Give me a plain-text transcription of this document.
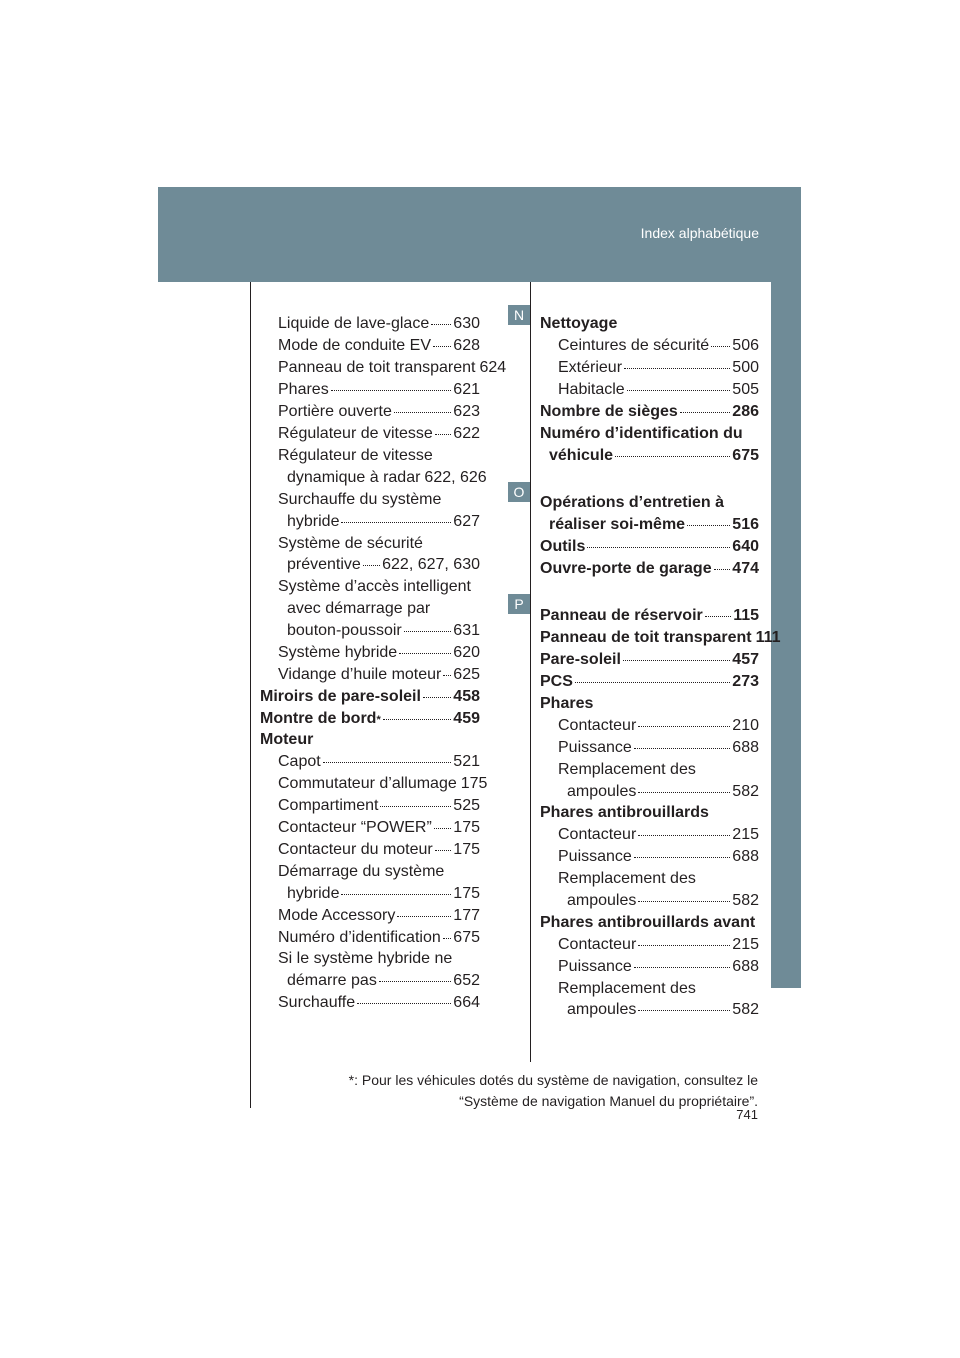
Index alphabétique
Liquide de lave-glace 630
Mode de conduite EV 628
Panneau de toit transparent 624
Phares	621
Portière ouverte	623
Régulateur de vitesse 622
Régulateur de vitesse
dynamique à radar 622, 626
Surchauffe du système
hybride	627
Système de sécurité
préventive 622, 627, 630
Système d’accès intelligent
avec démarrage par
bouton-poussoir	631
Système hybride	620
Vidange d’huile moteur 625
Miroirs de pare-soleil 458
Montre de bord *	459
Moteur
Capot	521
Commutateur d’allumage 175
Compartiment	525
Contacteur “POWER” 175
Contacteur du moteur 175
Démarrage du système
hybride	175
Mode Accessory	177
Numéro d’identification 675
Si le système hybride ne
démarre pas	652
Surchauffe	664
Nettoyage
Ceintures de sécurité 506
Extérieur	500
Habitacle	505
Nombre de sièges	286
Numéro d’identification du
véhicule	675
Opérations d’entretien à
réaliser soi-même	516
Outils	640
Ouvre-porte de garage 474
Panneau de réservoir 115
Panneau de toit transparent 111
Pare-soleil	457
PCS	273
Phares
Contacteur	210
Puissance	688
Remplacement des
ampoules	582
Phares antibrouillards
Contacteur	215
Puissance	688
Remplacement des
ampoules	582
Phares antibrouillards avant
Contacteur	215
Puissance	688
Remplacement des
ampoules	582
N
O
P
*: Pour les véhicules dotés du système de navigation, consultez le
“Système de navigation Manuel du propriétaire”.
741
